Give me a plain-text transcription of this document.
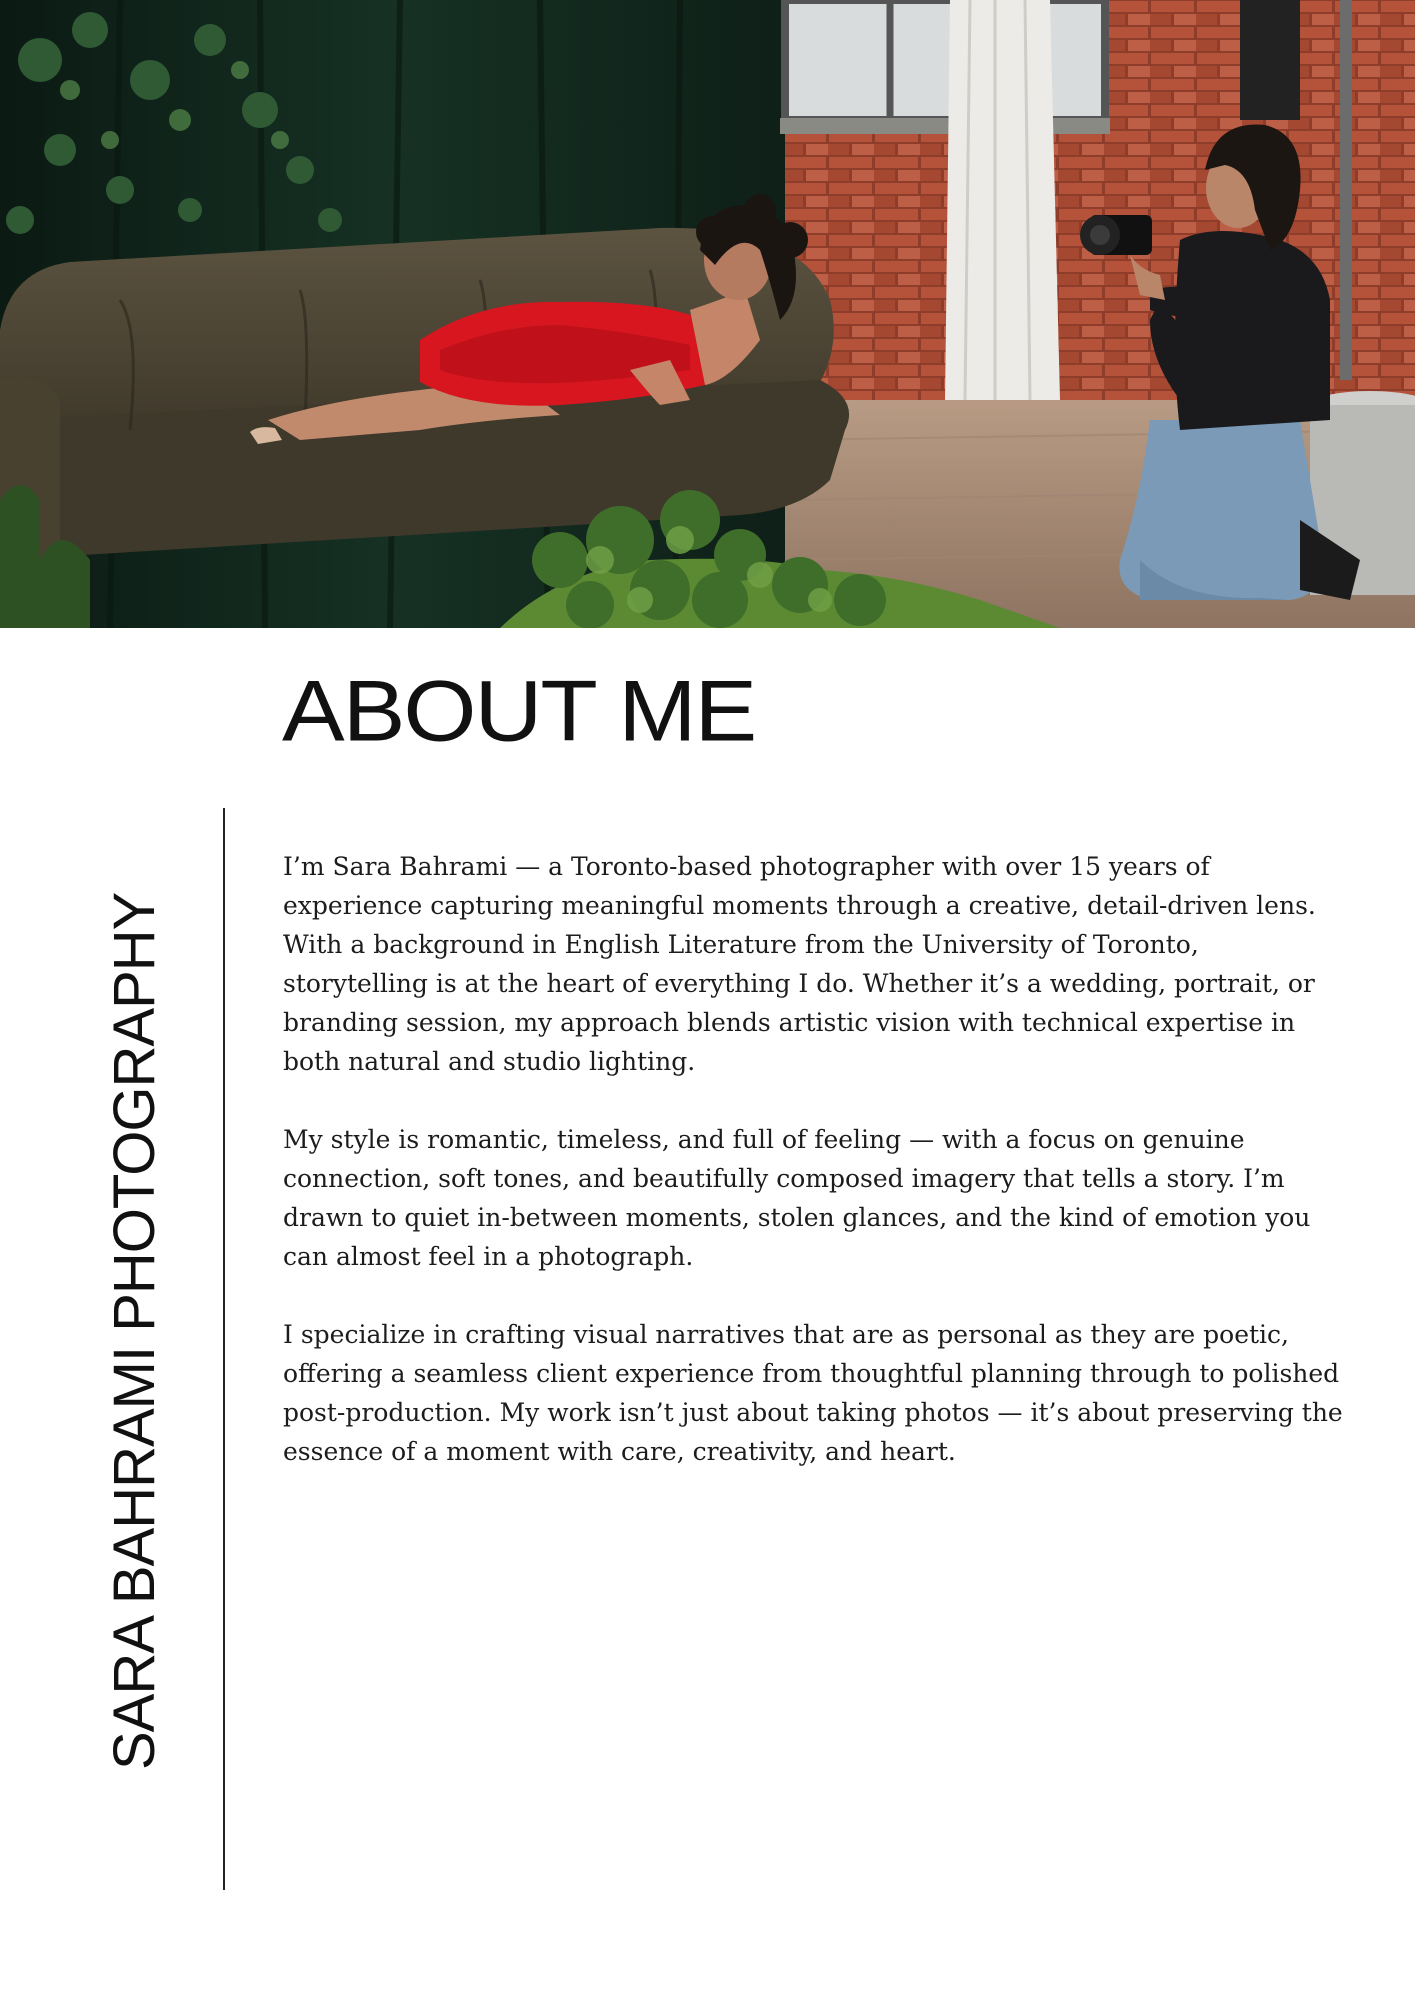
ABOUT ME
SARA BAHRAMI PHOTOGRAPHY

I’m Sara Bahrami — a Toronto-based photographer with over 15 years of experience capturing meaningful moments through a creative, detail-driven lens. With a background in English Literature from the University of Toronto, storytelling is at the heart of everything I do. Whether it’s a wedding, portrait, or branding session, my approach blends artistic vision with technical expertise in both natural and studio lighting.

My style is romantic, timeless, and full of feeling — with a focus on genuine connection, soft tones, and beautifully composed imagery that tells a story. I’m drawn to quiet in-between moments, stolen glances, and the kind of emotion you can almost feel in a photograph.

I specialize in crafting visual narratives that are as personal as they are poetic, offering a seamless client experience from thoughtful planning through to polished post-production. My work isn’t just about taking photos — it’s about preserving the essence of a moment with care, creativity, and heart.
